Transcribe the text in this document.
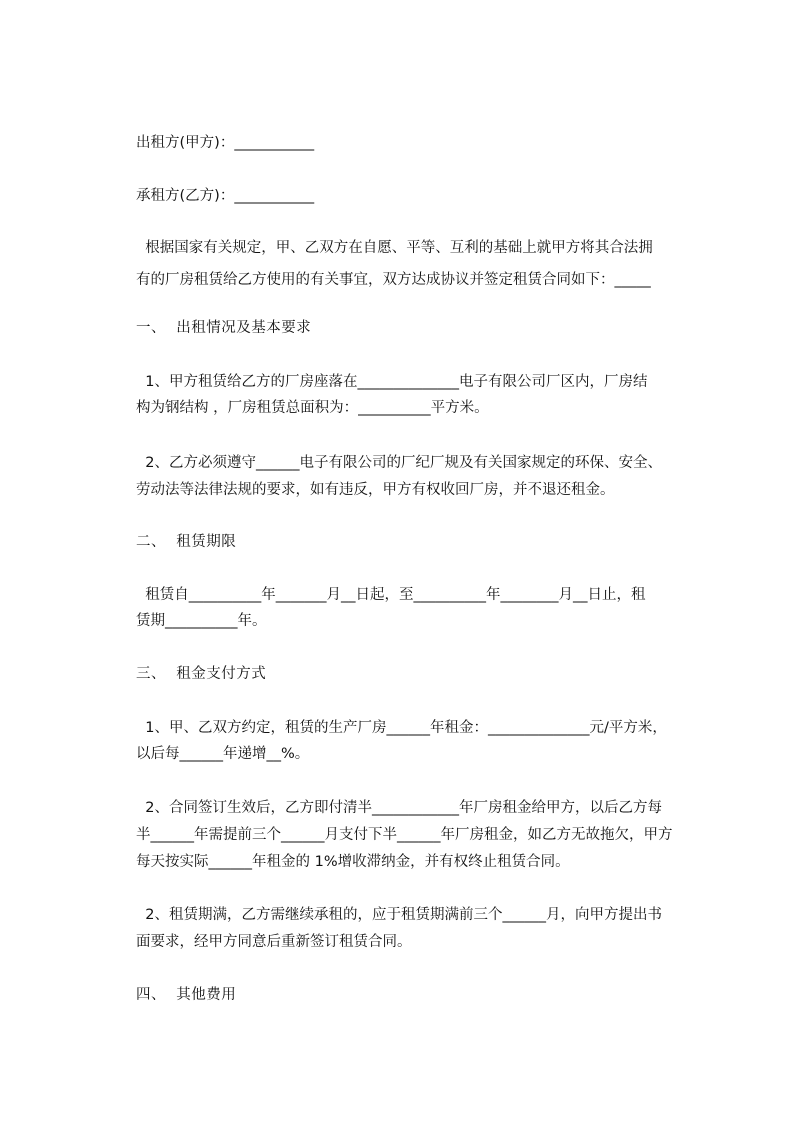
出租方(甲方)：___________
承租方(乙方)：___________
根据国家有关规定，甲、乙双方在自愿、平等、互利的基础上就甲方将其合法拥
有的厂房租赁给乙方使用的有关事宜，双方达成协议并签定租赁合同如下：_____
一、  出租情况及基本要求
1、甲方租赁给乙方的厂房座落在______________电子有限公司厂区内，厂房结
构为钢结构 ，厂房租赁总面积为：__________平方米。
2、乙方必须遵守______电子有限公司的厂纪厂规及有关国家规定的环保、安全、
劳动法等法律法规的要求，如有违反，甲方有权收回厂房，并不退还租金。
二、  租赁期限
租赁自__________年_______月__日起，至__________年________月__日止，租
赁期__________年。
三、  租金支付方式
1、甲、乙双方约定，租赁的生产厂房______年租金：______________元/平方米，
以后每______年递增__%。
2、合同签订生效后，乙方即付清半____________年厂房租金给甲方，以后乙方每
半______年需提前三个______月支付下半______年厂房租金，如乙方无故拖欠，甲方
每天按实际______年租金的 1%增收滞纳金，并有权终止租赁合同。
2、租赁期满，乙方需继续承租的，应于租赁期满前三个______月，向甲方提出书
面要求，经甲方同意后重新签订租赁合同。
四、  其他费用
